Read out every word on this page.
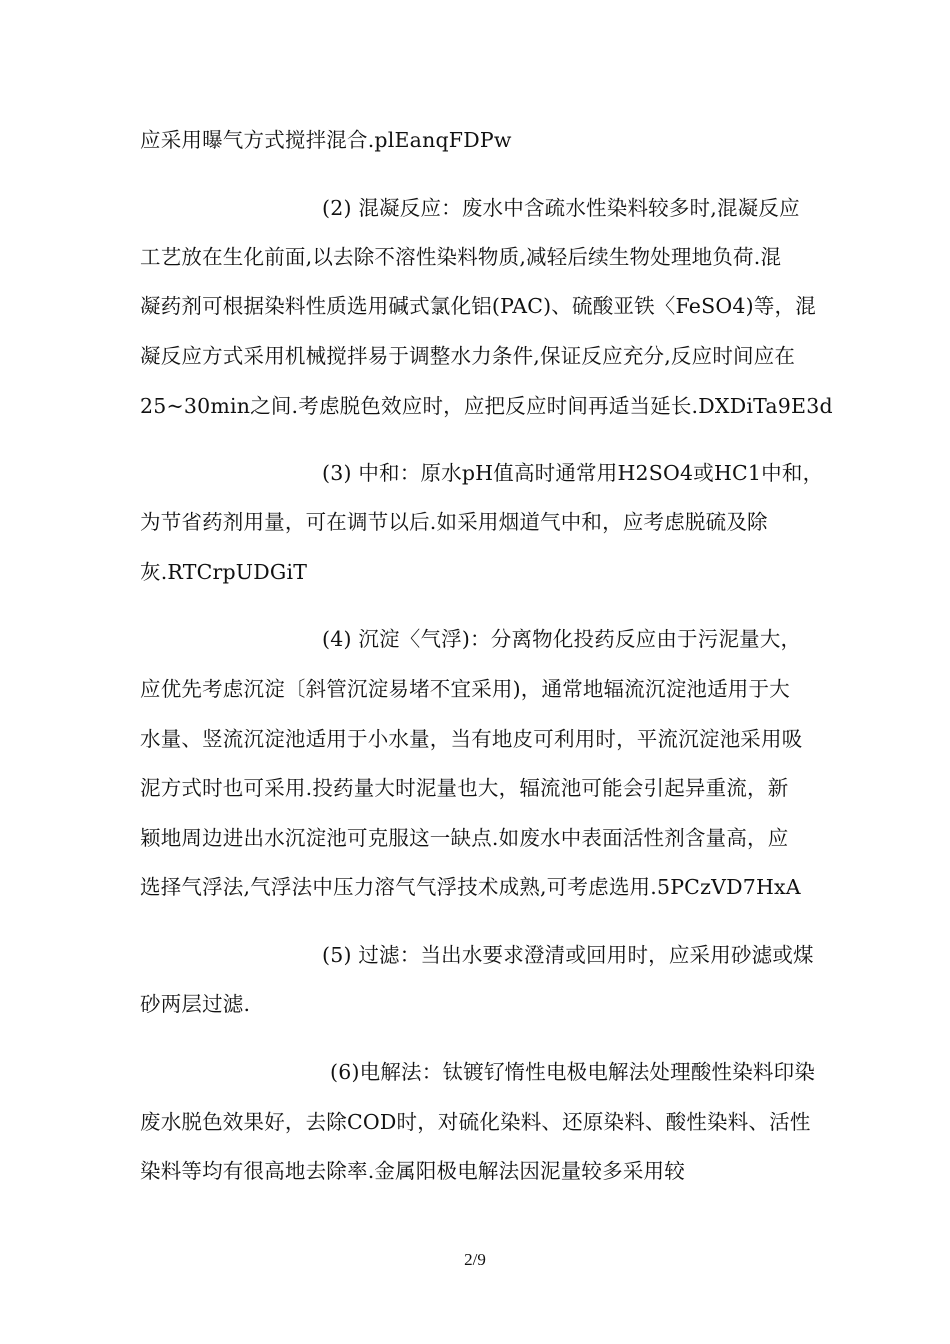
应采用曝气方式搅拌混合.plEanqFDPw
(2) 混凝反应：废水中含疏水性染料较多时,混凝反应
工艺放在生化前面,以去除不溶性染料物质,减轻后续生物处理地负荷.混
凝药剂可根据染料性质选用碱式氯化铝(PAC)、硫酸亚铁〈FeSO4)等，混
凝反应方式采用机械搅拌易于调整水力条件,保证反应充分,反应时间应在
25~30min之间.考虑脱色效应时，应把反应时间再适当延长.DXDiTa9E3d
(3) 中和：原水pH值高时通常用H2SO4或HC1中和，
为节省药剂用量，可在调节以后.如采用烟道气中和，应考虑脱硫及除
灰.RTCrpUDGiT
(4) 沉淀〈气浮)：分离物化投药反应由于污泥量大，
应优先考虑沉淀〔斜管沉淀易堵不宜采用)，通常地辐流沉淀池适用于大
水量、竖流沉淀池适用于小水量，当有地皮可利用时，平流沉淀池采用吸
泥方式时也可采用.投药量大时泥量也大，辐流池可能会引起异重流，新
颖地周边进出水沉淀池可克服这一缺点.如废水中表面活性剂含量高，应
选择气浮法,气浮法中压力溶气气浮技术成熟,可考虑选用.5PCzVD7HxA
(5) 过滤：当出水要求澄清或回用时，应采用砂滤或煤
砂两层过滤.
(6)电解法：钛镀钌惰性电极电解法处理酸性染料印染
废水脱色效果好，去除COD时，对硫化染料、还原染料、酸性染料、活性
染料等均有很高地去除率.金属阳极电解法因泥量较多采用较
2/9
